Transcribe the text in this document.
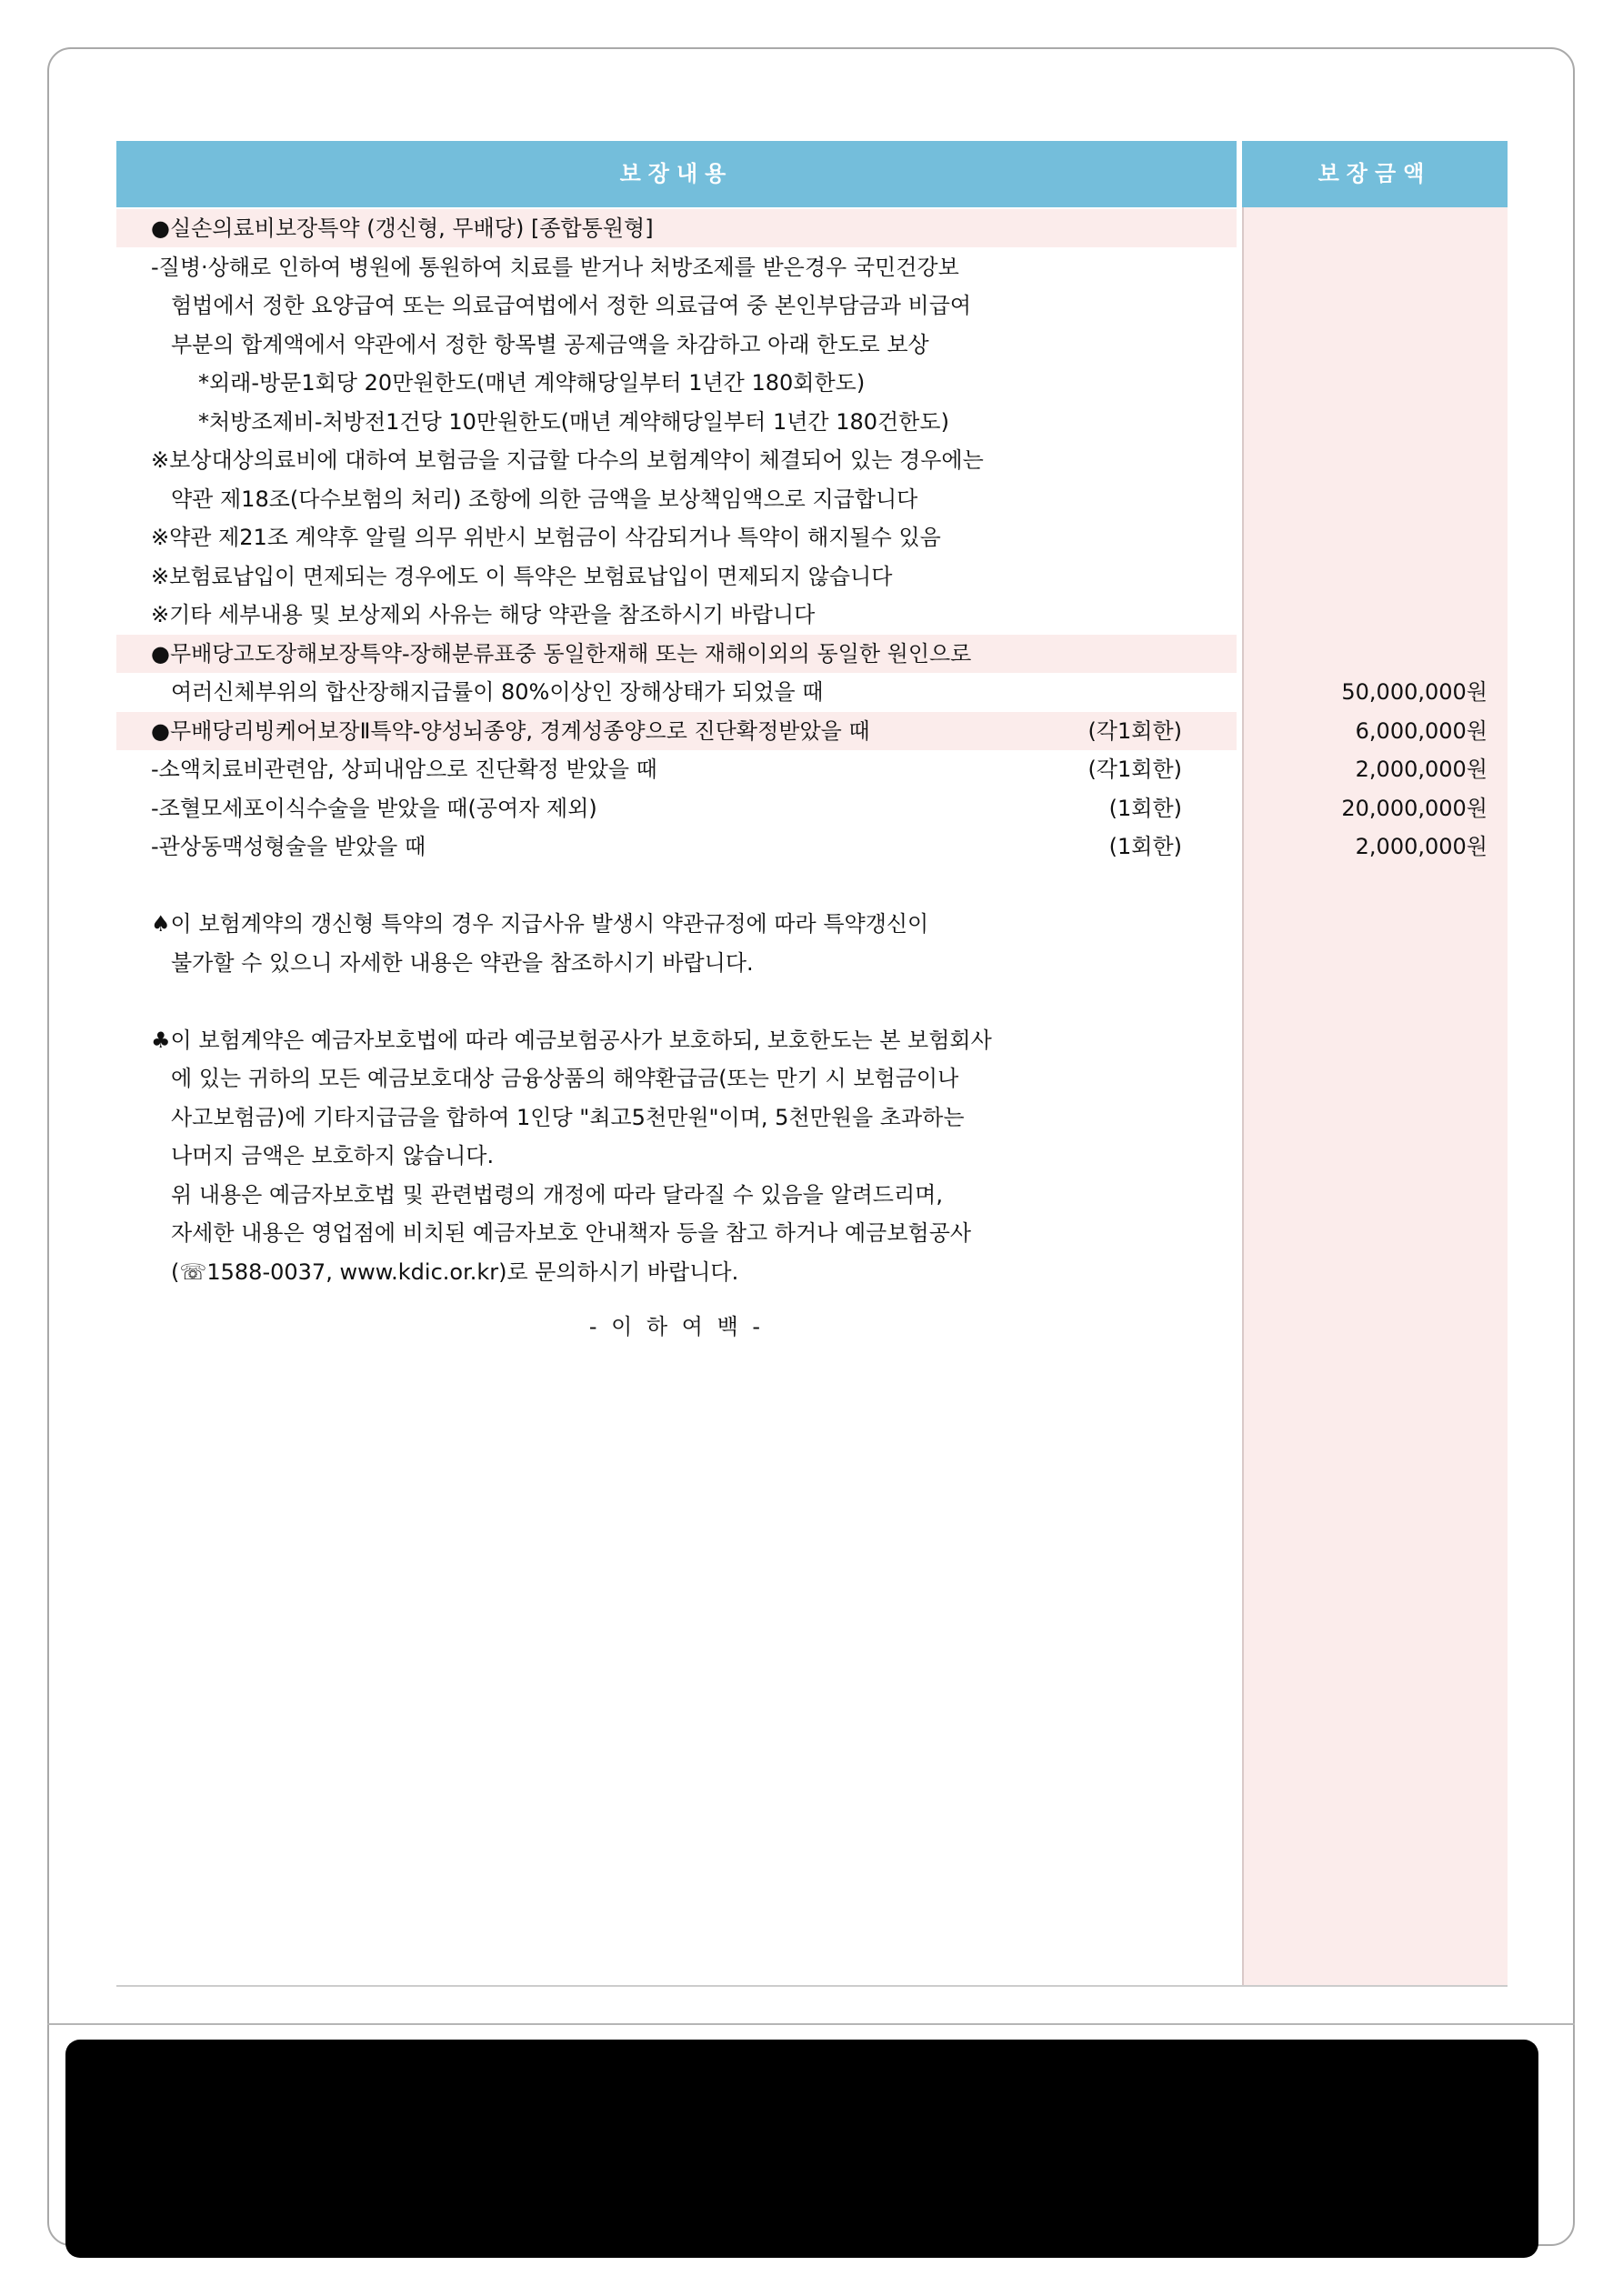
보장내용	보장금액
●실손의료비보장특약 (갱신형, 무배당) [종합통원형]
-질병·상해로 인하여 병원에 통원하여 치료를 받거나 처방조제를 받은경우 국민건강보
험법에서 정한 요양급여 또는 의료급여법에서 정한 의료급여 중 본인부담금과 비급여
부분의 합계액에서 약관에서 정한 항목별 공제금액을 차감하고 아래 한도로 보상
*외래-방문1회당 20만원한도(매년 계약해당일부터 1년간 180회한도)
*처방조제비-처방전1건당 10만원한도(매년 계약해당일부터 1년간 180건한도)
※보상대상의료비에 대하여 보험금을 지급할 다수의 보험계약이 체결되어 있는 경우에는
약관 제18조(다수보험의 처리) 조항에 의한 금액을 보상책임액으로 지급합니다
※약관 제21조 계약후 알릴 의무 위반시 보험금이 삭감되거나 특약이 해지될수 있음
※보험료납입이 면제되는 경우에도 이 특약은 보험료납입이 면제되지 않습니다
※기타 세부내용 및 보상제외 사유는 해당 약관을 참조하시기 바랍니다
●무배당고도장해보장특약-장해분류표중 동일한재해 또는 재해이외의 동일한 원인으로
여러신체부위의 합산장해지급률이 80%이상인 장해상태가 되었을 때	50,000,000원
●무배당리빙케어보장Ⅱ특약-양성뇌종양, 경계성종양으로 진단확정받았을 때	(각1회한)	6,000,000원
-소액치료비관련암, 상피내암으로 진단확정 받았을 때	(각1회한)	2,000,000원
-조혈모세포이식수술을 받았을 때(공여자 제외)	(1회한)	20,000,000원
-관상동맥성형술을 받았을 때	(1회한)	2,000,000원
♠이 보험계약의 갱신형 특약의 경우 지급사유 발생시 약관규정에 따라 특약갱신이
불가할 수 있으니 자세한 내용은 약관을 참조하시기 바랍니다.
♣이 보험계약은 예금자보호법에 따라 예금보험공사가 보호하되, 보호한도는 본 보험회사
에 있는 귀하의 모든 예금보호대상 금융상품의 해약환급금(또는 만기 시 보험금이나
사고보험금)에 기타지급금을 합하여 1인당 "최고5천만원"이며, 5천만원을 초과하는
나머지 금액은 보호하지 않습니다.
위 내용은 예금자보호법 및 관련법령의 개정에 따라 달라질 수 있음을 알려드리며,
자세한 내용은 영업점에 비치된 예금자보호 안내책자 등을 참고 하거나 예금보험공사
(☏1588-0037, www.kdic.or.kr)로 문의하시기 바랍니다.
- 이 하 여 백 -
